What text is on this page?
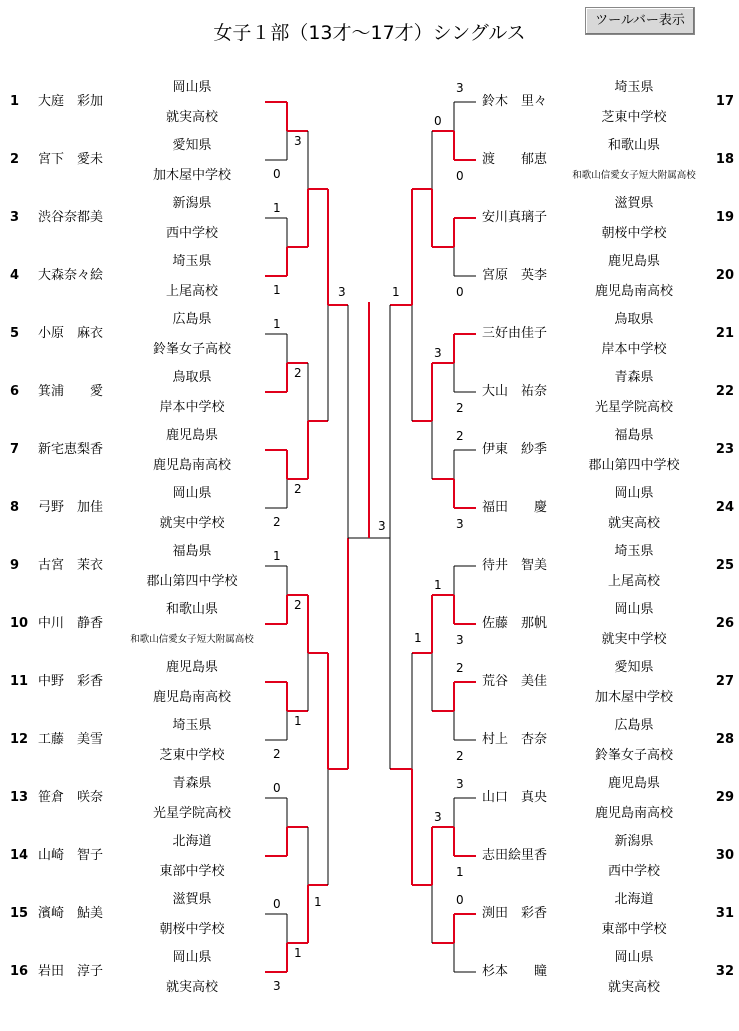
女子１部（13才～17才）シングルス
ツールバー表示
1 大庭　彩加
岡山県
就実高校
2 宮下　愛未
愛知県
加木屋中学校
3 渋谷奈都美
新潟県
西中学校
4 大森奈々絵
埼玉県
上尾高校
5 小原　麻衣
広島県
鈴峯女子高校
6 箕浦　　愛
鳥取県
岸本中学校
7 新宅恵梨香
鹿児島県
鹿児島南高校
8 弓野　加佳
岡山県
就実中学校
9 古宮　茉衣
福島県
郡山第四中学校
10 中川　静香
和歌山県
和歌山信愛女子短大附属高校
11 中野　彩香
鹿児島県
鹿児島南高校
12 工藤　美雪
埼玉県
芝東中学校
13 笹倉　咲奈
青森県
光星学院高校
14 山崎　智子
北海道
東部中学校
15 濱崎　鮎美
滋賀県
朝桜中学校
16 岩田　淳子
岡山県
就実高校
鈴木　里々
埼玉県
芝東中学校
17
渡　　郁恵
和歌山県
和歌山信愛女子短大附属高校
18
安川真璃子
滋賀県
朝桜中学校
19
宮原　英李
鹿児島県
鹿児島南高校
20
三好由佳子
鳥取県
岸本中学校
21
大山　祐奈
青森県
光星学院高校
22
伊東　紗季
福島県
郡山第四中学校
23
福田　　慶
岡山県
就実高校
24
待井　智美
埼玉県
上尾高校
25
佐藤　那帆
岡山県
就実中学校
26
荒谷　美佳
愛知県
加木屋中学校
27
村上　杏奈
広島県
鈴峯女子高校
28
山口　真央
鹿児島県
鹿児島南高校
29
志田絵里香
新潟県
西中学校
30
渕田　彩香
北海道
東部中学校
31
杉本　　瞳
岡山県
就実高校
32
0
1
1
1
2
1
2
0
0
3
3
2
2
2
1
1
3
1
3
0
0
2
2
3
3
2
2
3
1
0
0
3
1
3
1
1
3
